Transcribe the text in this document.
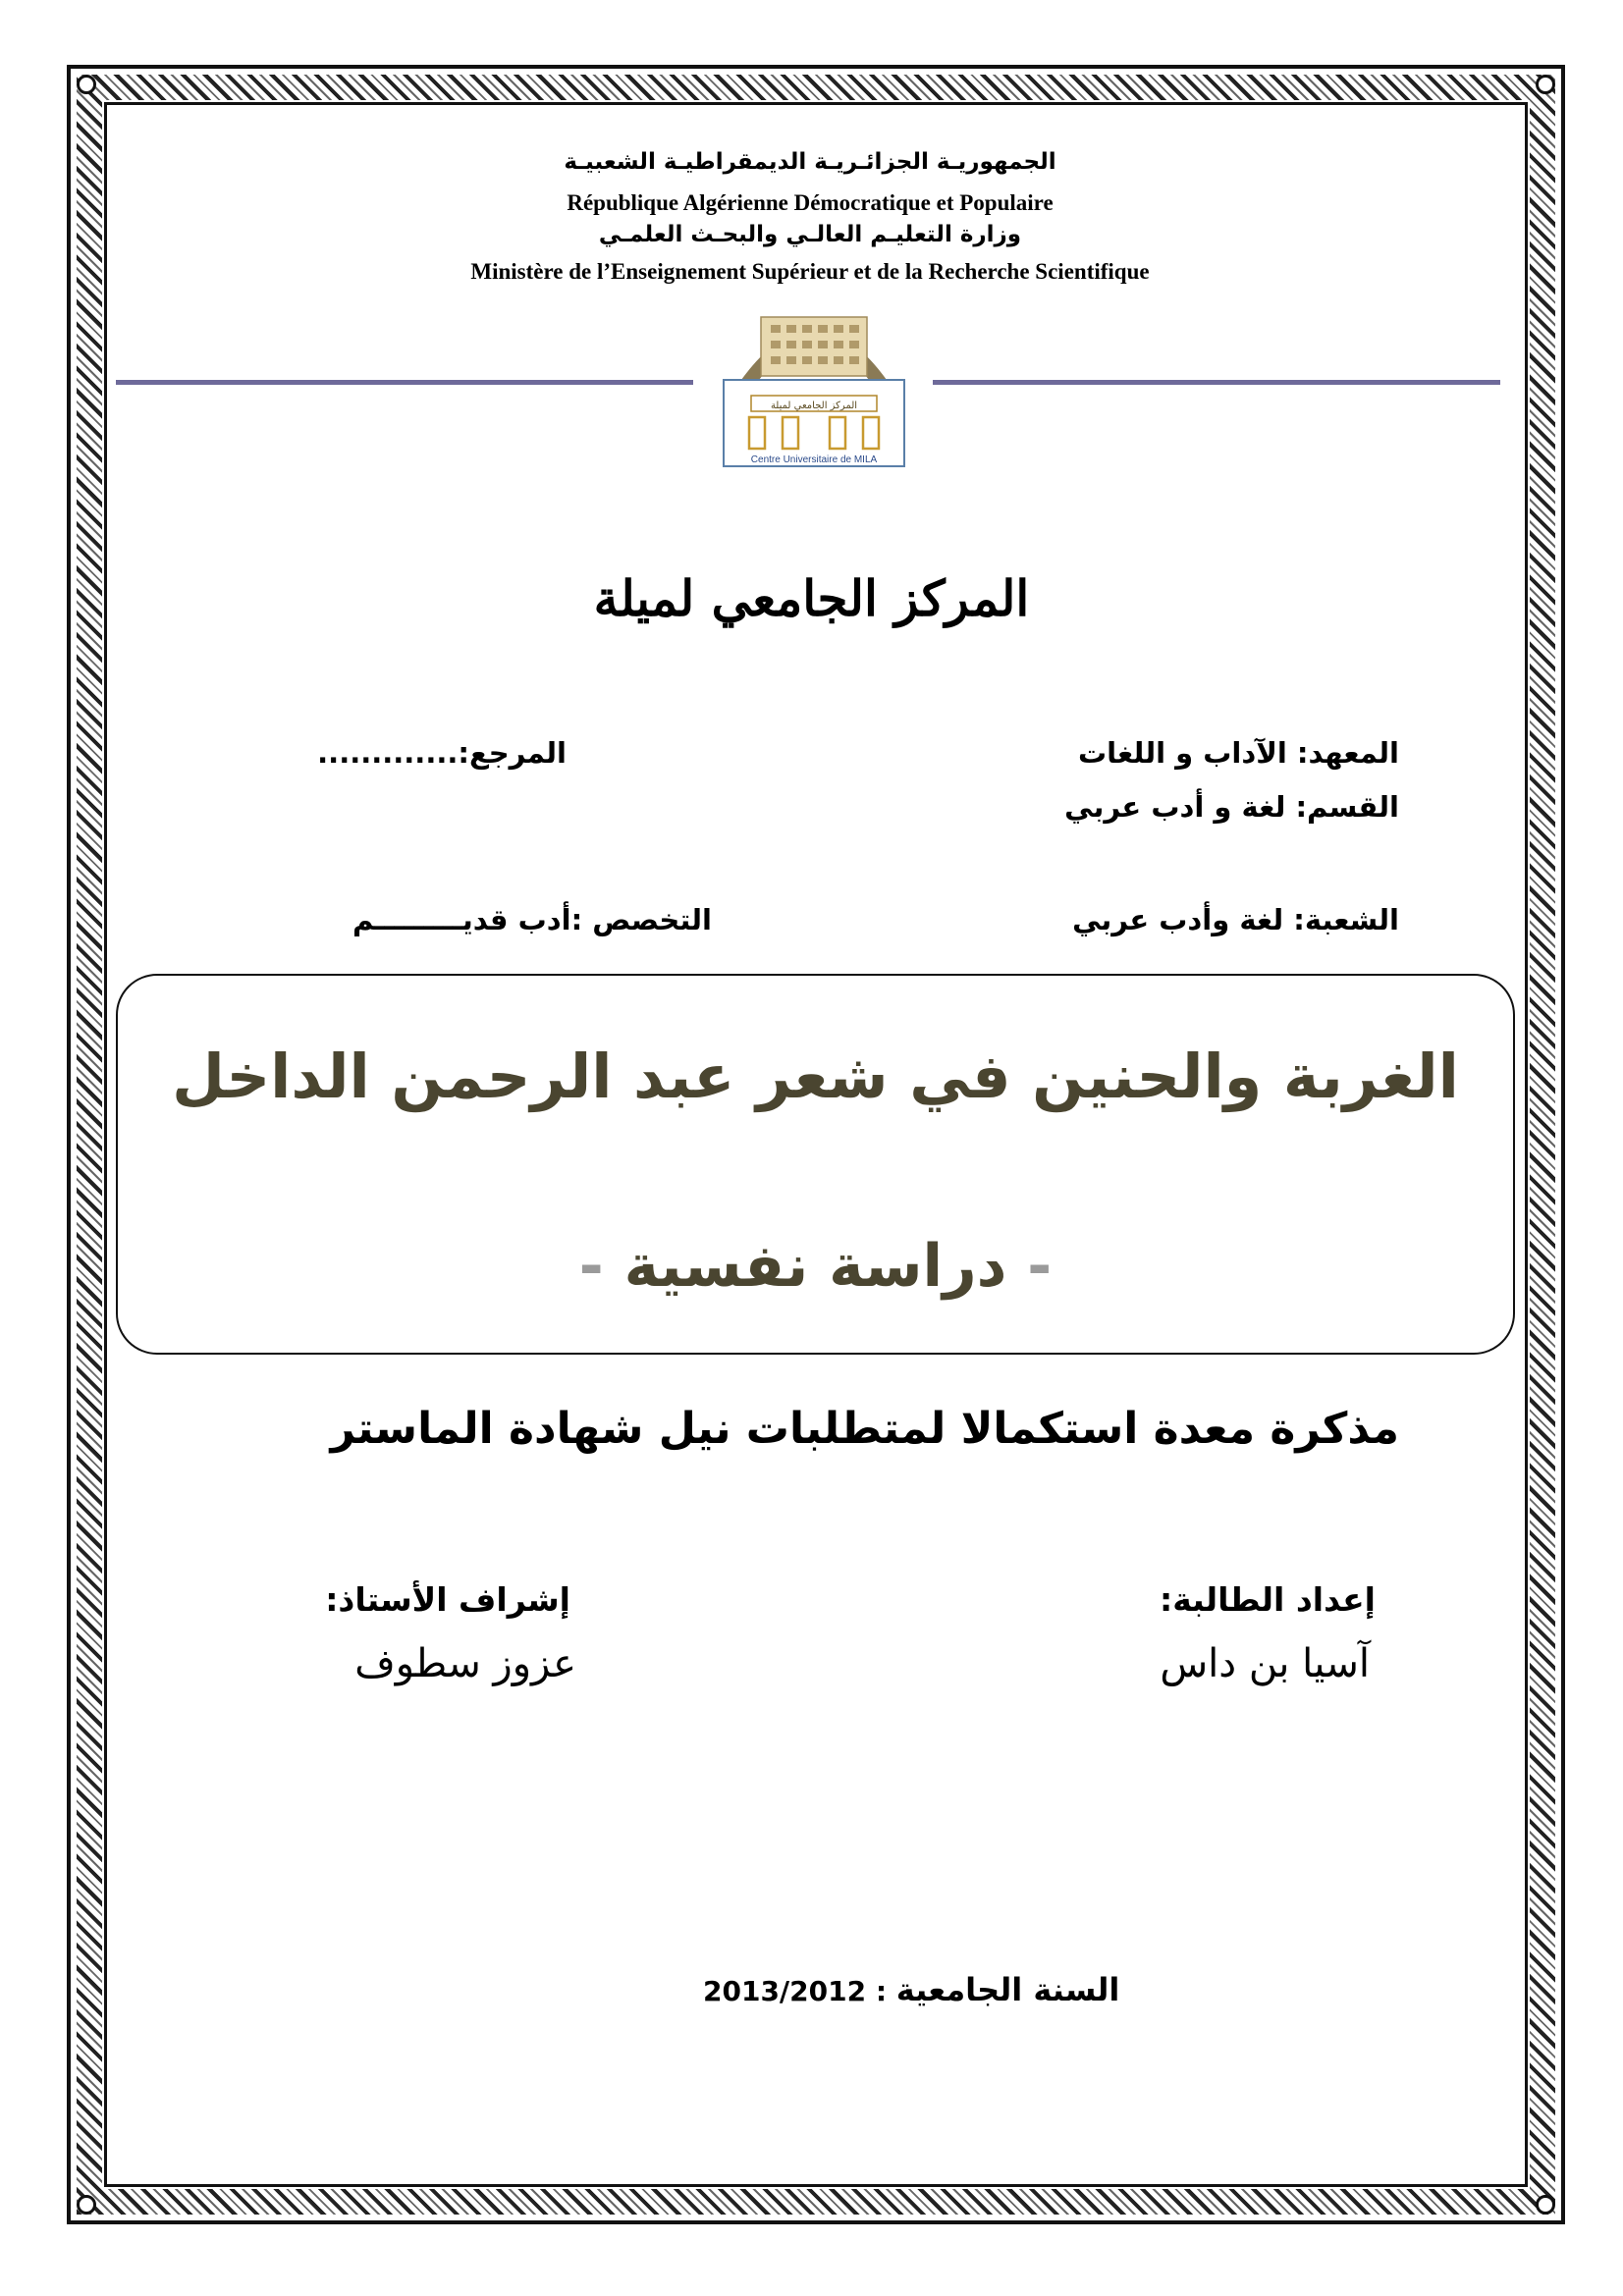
الجمهوريـة الجزائـريـة الديمقراطيـة الشعبيـة
République Algérienne Démocratique et Populaire
وزارة التعليـم العالـي والبحـث العلمـي
Ministère de l’Enseignement Supérieur et de la Recherche Scientifique
المركز الجامعي لميلة
Centre Universitaire de MILA
المركز الجامعي لميلة
المعهد: الآداب و اللغات
المرجع:.............
القسم: لغة و أدب عربي
الشعبة: لغة وأدب عربي
التخصص :أدب قديـــــــــم
الغربة والحنين في شعر عبد الرحمن الداخل
- دراسة نفسية -
مذكرة معدة استكمالا لمتطلبات نيل شهادة الماستر
إعداد الطالبة:
آسيا بن داس
إشراف الأستاذ:
عزوز سطوف
2013/2012 : السنة الجامعية
